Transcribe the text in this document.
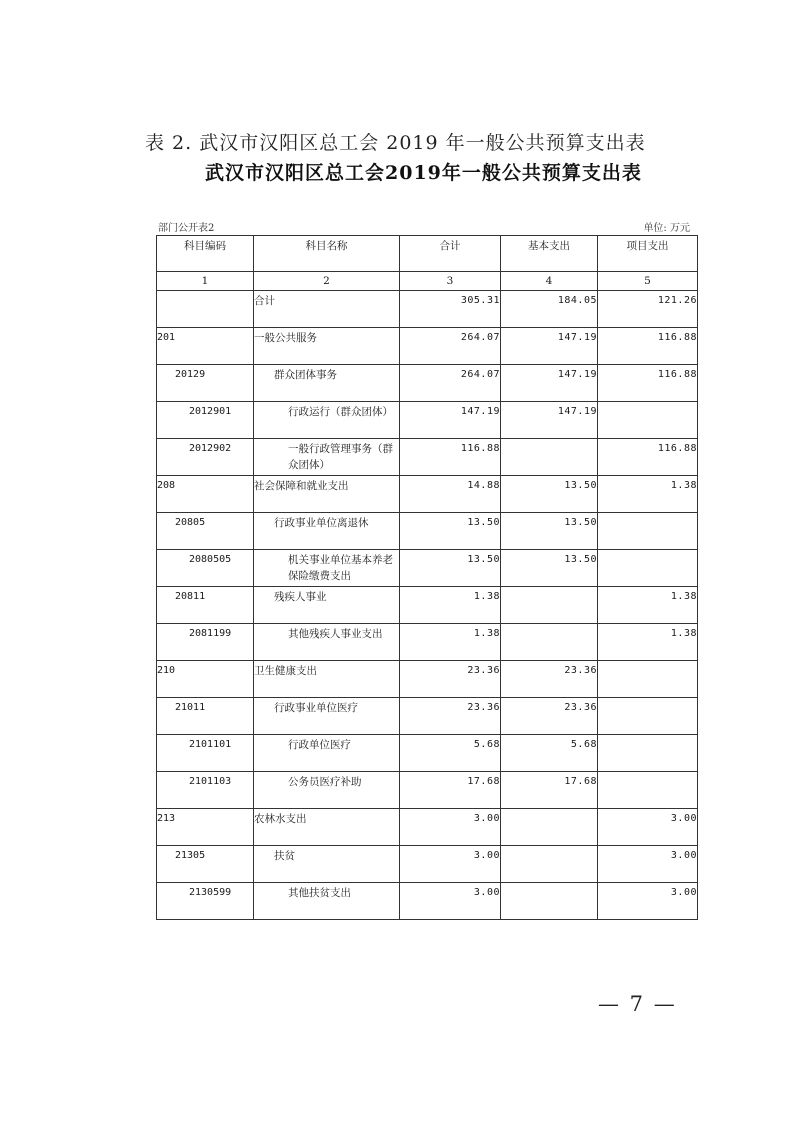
表 2. 武汉市汉阳区总工会 2019 年一般公共预算支出表
武汉市汉阳区总工会2019年一般公共预算支出表
部门公开表2	单位: 万元
科目编码	科目名称	合计	基本支出	项目支出
1	2	3	4	5
	合计	305.31	184.05	121.26
201	一般公共服务	264.07	147.19	116.88
20129	群众团体事务	264.07	147.19	116.88
2012901	行政运行（群众团体）	147.19	147.19	
2012902	一般行政管理事务（群众团体）	116.88		116.88
208	社会保障和就业支出	14.88	13.50	1.38
20805	行政事业单位离退休	13.50	13.50	
2080505	机关事业单位基本养老保险缴费支出	13.50	13.50	
20811	残疾人事业	1.38		1.38
2081199	其他残疾人事业支出	1.38		1.38
210	卫生健康支出	23.36	23.36	
21011	行政事业单位医疗	23.36	23.36	
2101101	行政单位医疗	5.68	5.68	
2101103	公务员医疗补助	17.68	17.68	
213	农林水支出	3.00		3.00
21305	扶贫	3.00		3.00
2130599	其他扶贫支出	3.00		3.00
— 7 —
